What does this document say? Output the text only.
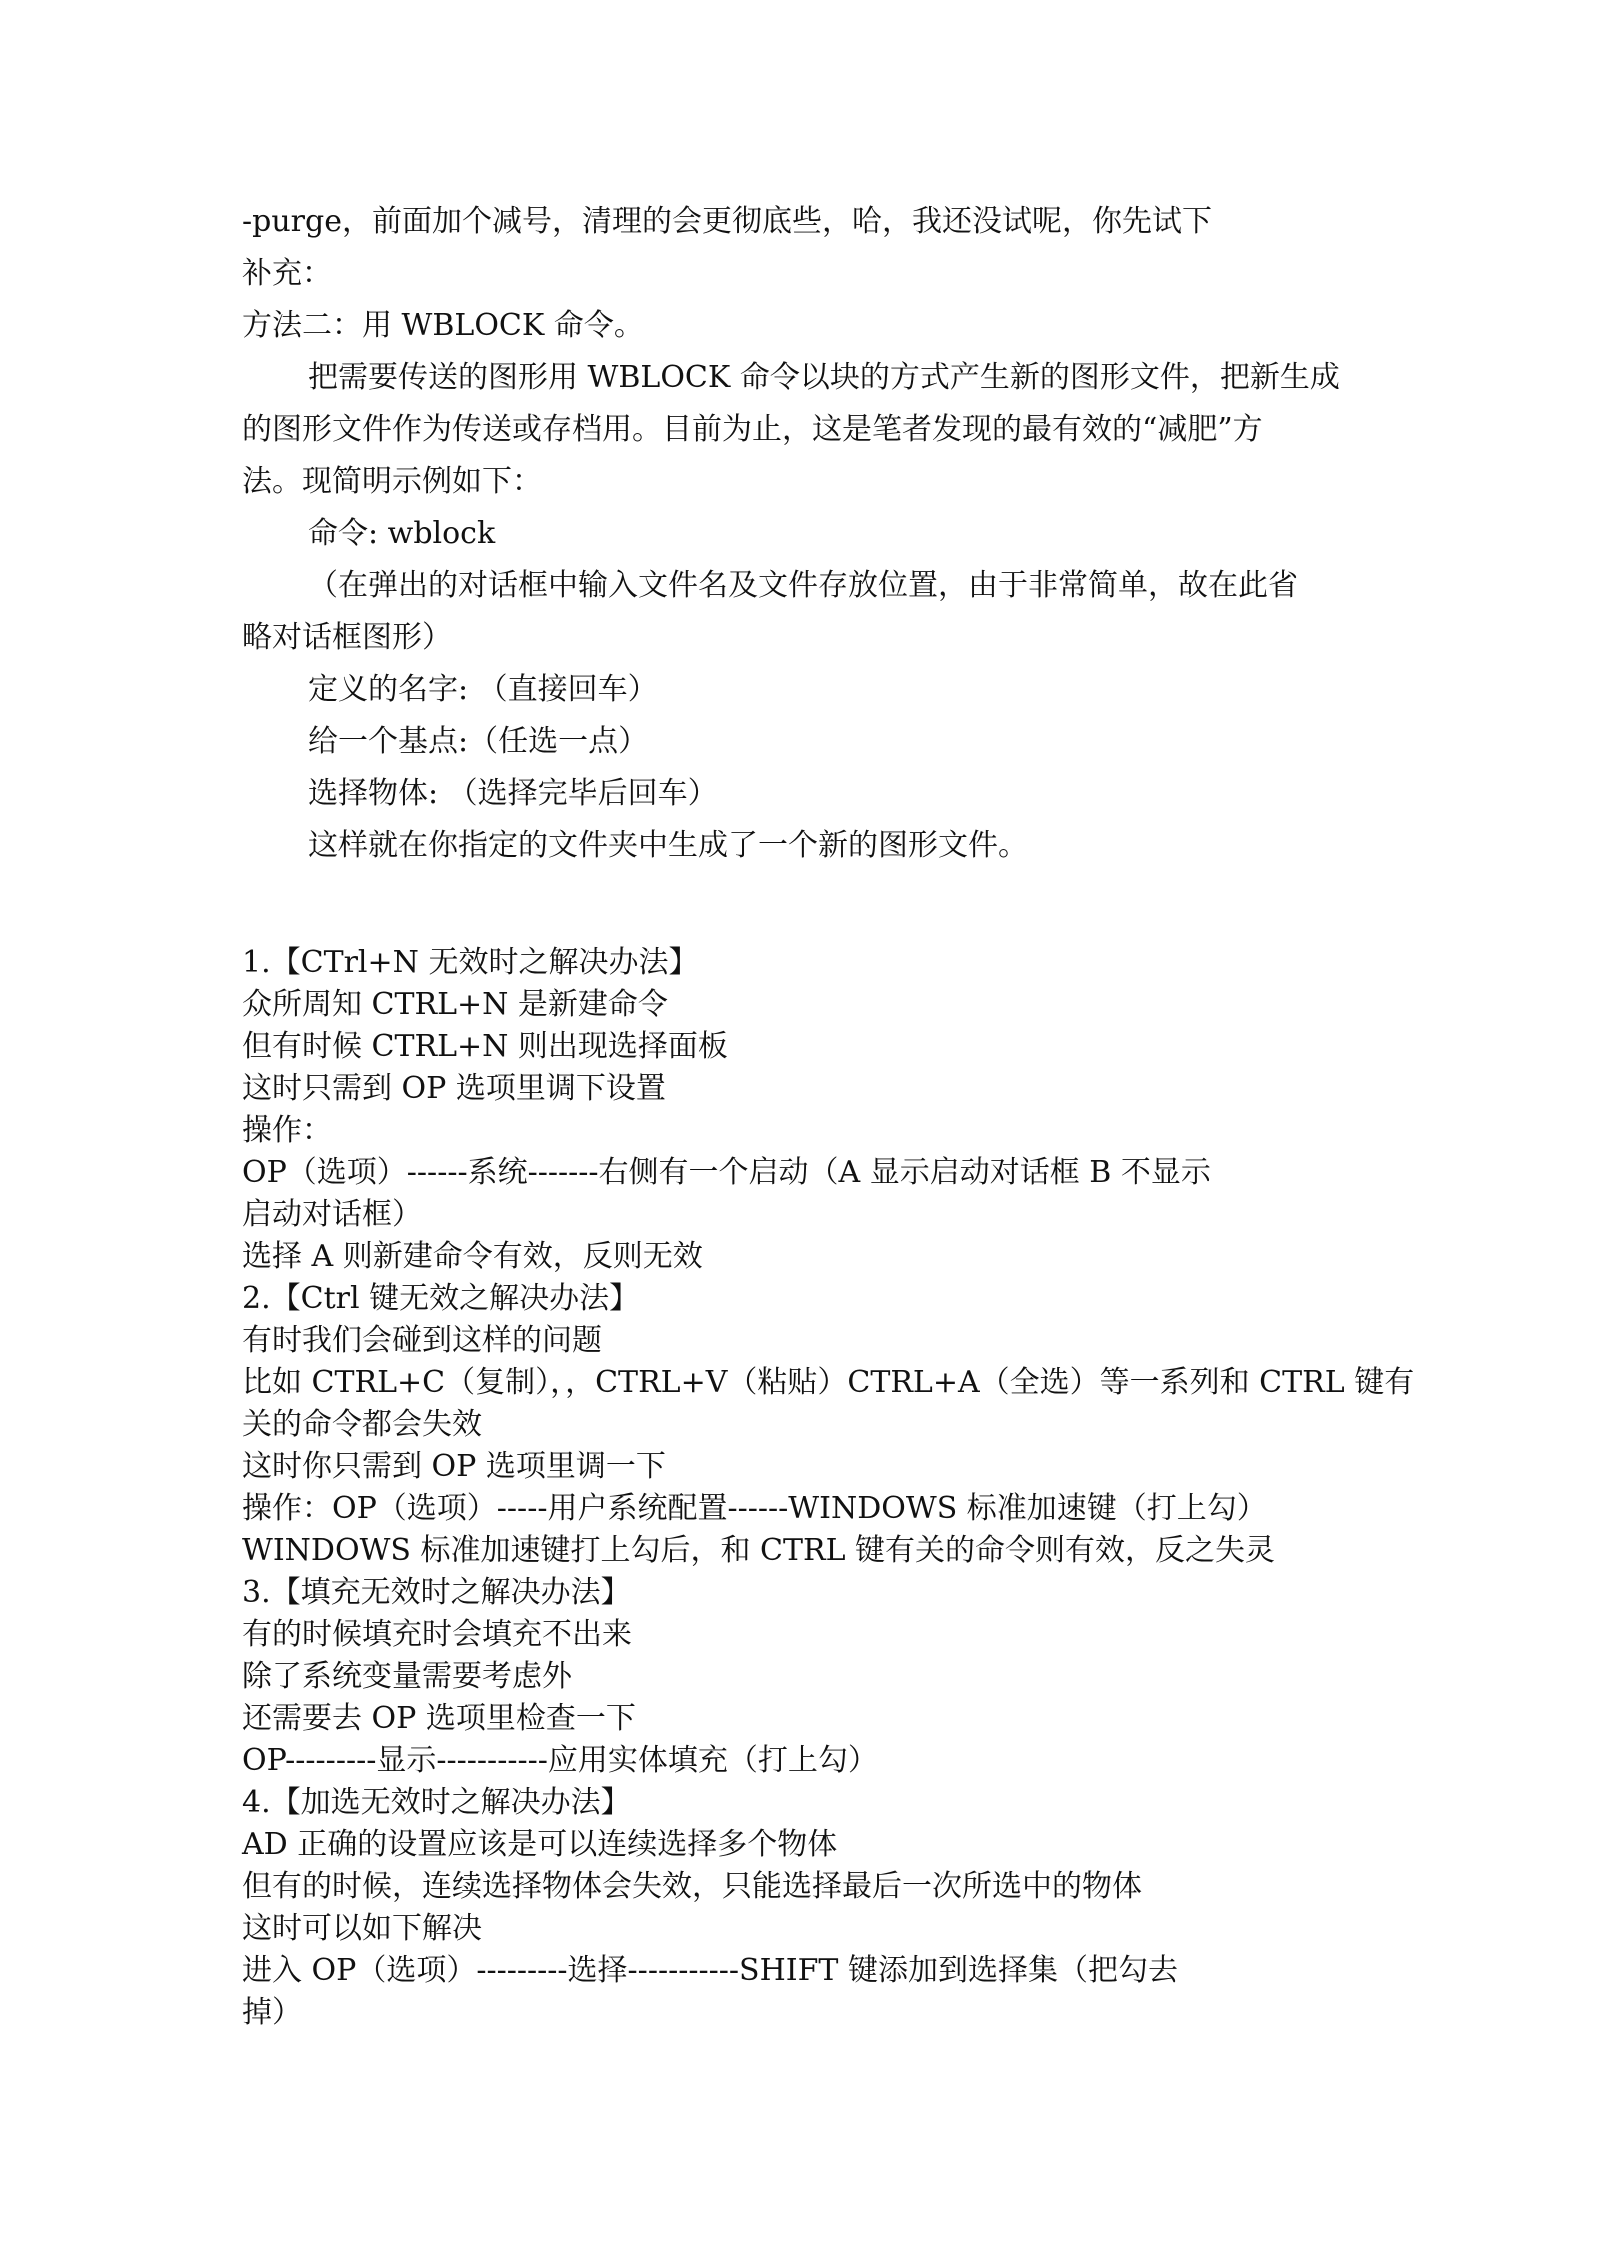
-purge，前面加个减号，清理的会更彻底些，哈，我还没试呢，你先试下
补充：
方法二：用 WBLOCK 命令。
把需要传送的图形用 WBLOCK 命令以块的方式产生新的图形文件，把新生成
的图形文件作为传送或存档用。目前为止，这是笔者发现的最有效的“减肥”方
法。现简明示例如下：
命令: wblock
（在弹出的对话框中输入文件名及文件存放位置，由于非常简单，故在此省
略对话框图形）
定义的名字: （直接回车）
给一个基点:（任选一点）
选择物体: （选择完毕后回车）
这样就在你指定的文件夹中生成了一个新的图形文件。
1.【CTrl+N 无效时之解决办法】
众所周知 CTRL+N 是新建命令
但有时候 CTRL+N 则出现选择面板
这时只需到 OP 选项里调下设置
操作：
OP（选项）------系统-------右侧有一个启动（A 显示启动对话框 B 不显示
启动对话框）
选择 A 则新建命令有效，反则无效
2.【Ctrl 键无效之解决办法】
有时我们会碰到这样的问题
比如 CTRL+C（复制），，CTRL+V（粘贴）CTRL+A（全选）等一系列和 CTRL 键有
关的命令都会失效
这时你只需到 OP 选项里调一下
操作：OP（选项）-----用户系统配置------WINDOWS 标准加速键（打上勾）
WINDOWS 标准加速键打上勾后，和 CTRL 键有关的命令则有效，反之失灵
3.【填充无效时之解决办法】
有的时候填充时会填充不出来
除了系统变量需要考虑外
还需要去 OP 选项里检查一下
OP---------显示-----------应用实体填充（打上勾）
4.【加选无效时之解决办法】
AD 正确的设置应该是可以连续选择多个物体
但有的时候，连续选择物体会失效，只能选择最后一次所选中的物体
这时可以如下解决
进入 OP（选项）---------选择-----------SHIFT 键添加到选择集（把勾去
掉）
